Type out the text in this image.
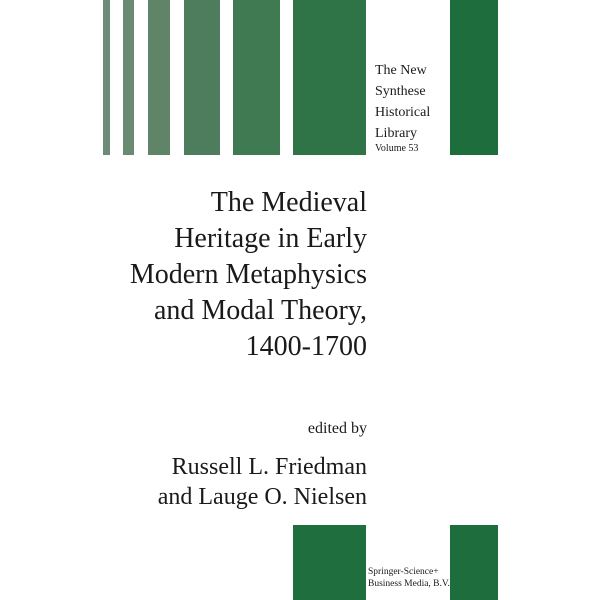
The New
Synthese
Historical
Library
Volume 53
The Medieval
Heritage in Early
Modern Metaphysics
and Modal Theory,
1400-1700
edited by
Russell L. Friedman
and Lauge O. Nielsen
Springer-Science+
Business Media, B.V.
